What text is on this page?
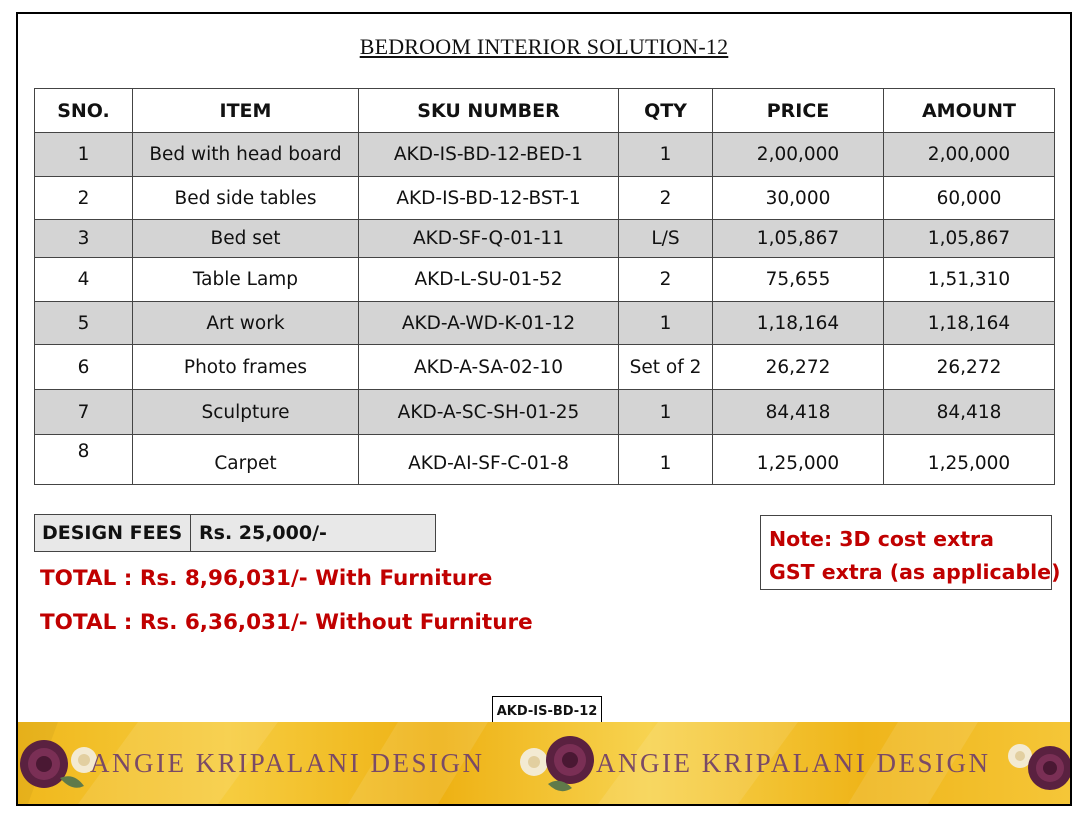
BEDROOM INTERIOR SOLUTION-12
SNO.	ITEM	SKU NUMBER	QTY	PRICE	AMOUNT
1	Bed with head board	AKD-IS-BD-12-BED-1	1	2,00,000	2,00,000
2	Bed side tables	AKD-IS-BD-12-BST-1	2	30,000	60,000
3	Bed set	AKD-SF-Q-01-11	L/S	1,05,867	1,05,867
4	Table Lamp	AKD-L-SU-01-52	2	75,655	1,51,310
5	Art work	AKD-A-WD-K-01-12	1	1,18,164	1,18,164
6	Photo frames	AKD-A-SA-02-10	Set of 2	26,272	26,272
7	Sculpture	AKD-A-SC-SH-01-25	1	84,418	84,418
8	Carpet	AKD-AI-SF-C-01-8	1	1,25,000	1,25,000
DESIGN FEES Rs. 25,000/-
TOTAL : Rs. 8,96,031/- With Furniture
TOTAL : Rs. 6,36,031/- Without Furniture
Note: 3D cost extra
GST extra (as applicable)
AKD-IS-BD-12
ANGIE KRIPALANI DESIGN	ANGIE KRIPALANI DESIGN
